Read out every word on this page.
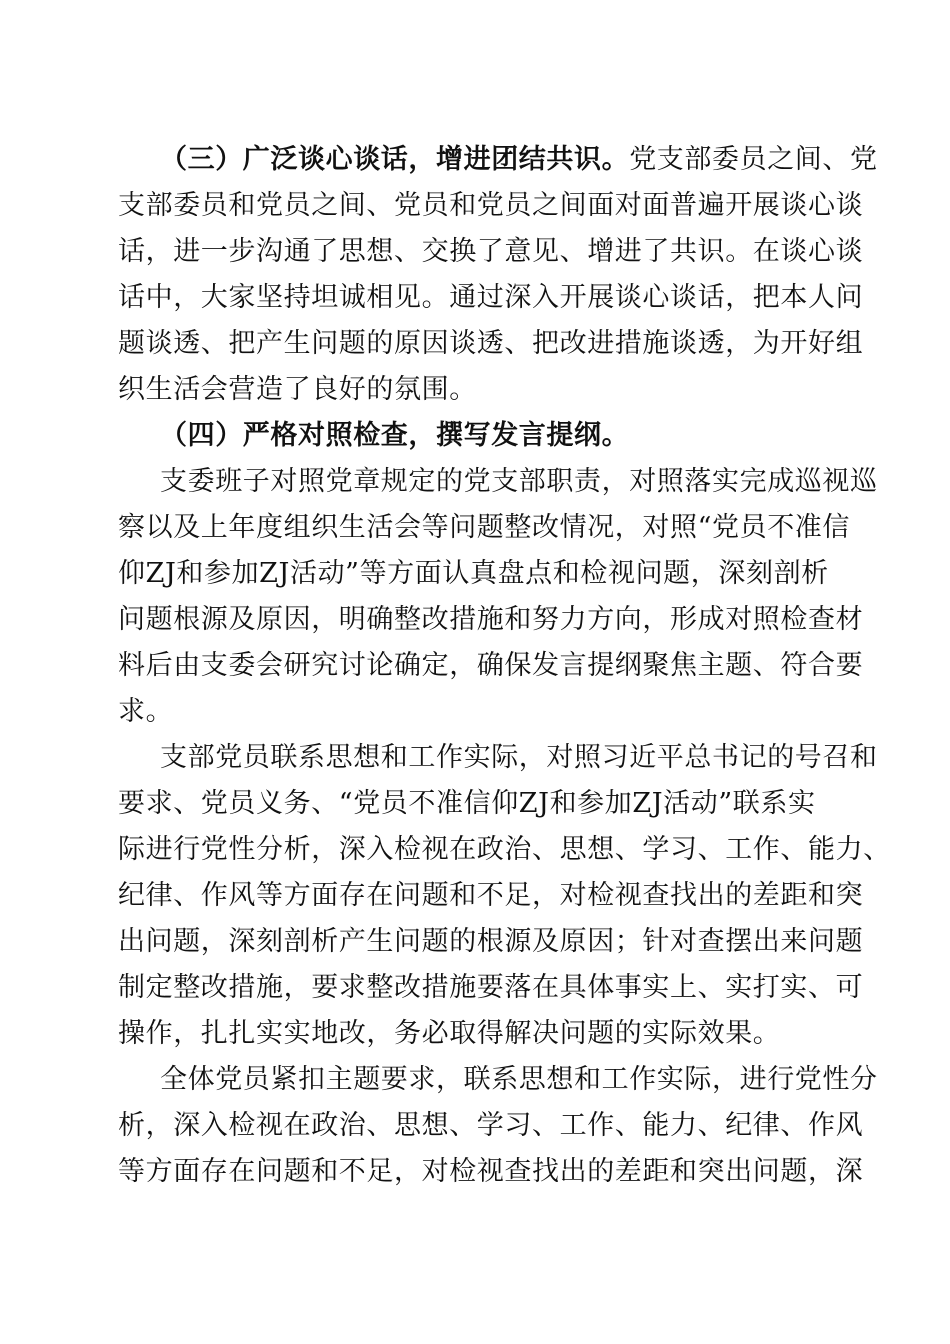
（三）广泛谈心谈话，增进团结共识。党支部委员之间、党
支部委员和党员之间、党员和党员之间面对面普遍开展谈心谈
话，进一步沟通了思想、交换了意见、增进了共识。在谈心谈
话中，大家坚持坦诚相见。通过深入开展谈心谈话，把本人问
题谈透、把产生问题的原因谈透、把改进措施谈透，为开好组
织生活会营造了良好的氛围。
（四）严格对照检查，撰写发言提纲。
支委班子对照党章规定的党支部职责，对照落实完成巡视巡
察以及上年度组织生活会等问题整改情况，对照“党员不准信
仰ZJ和参加ZJ活动”等方面认真盘点和检视问题，深刻剖析
问题根源及原因，明确整改措施和努力方向，形成对照检查材
料后由支委会研究讨论确定，确保发言提纲聚焦主题、符合要
求。
支部党员联系思想和工作实际，对照习近平总书记的号召和
要求、党员义务、“党员不准信仰ZJ和参加ZJ活动”联系实
际进行党性分析，深入检视在政治、思想、学习、工作、能力、
纪律、作风等方面存在问题和不足，对检视查找出的差距和突
出问题，深刻剖析产生问题的根源及原因；针对查摆出来问题
制定整改措施，要求整改措施要落在具体事实上、实打实、可
操作，扎扎实实地改，务必取得解决问题的实际效果。
全体党员紧扣主题要求，联系思想和工作实际，进行党性分
析，深入检视在政治、思想、学习、工作、能力、纪律、作风
等方面存在问题和不足，对检视查找出的差距和突出问题，深
